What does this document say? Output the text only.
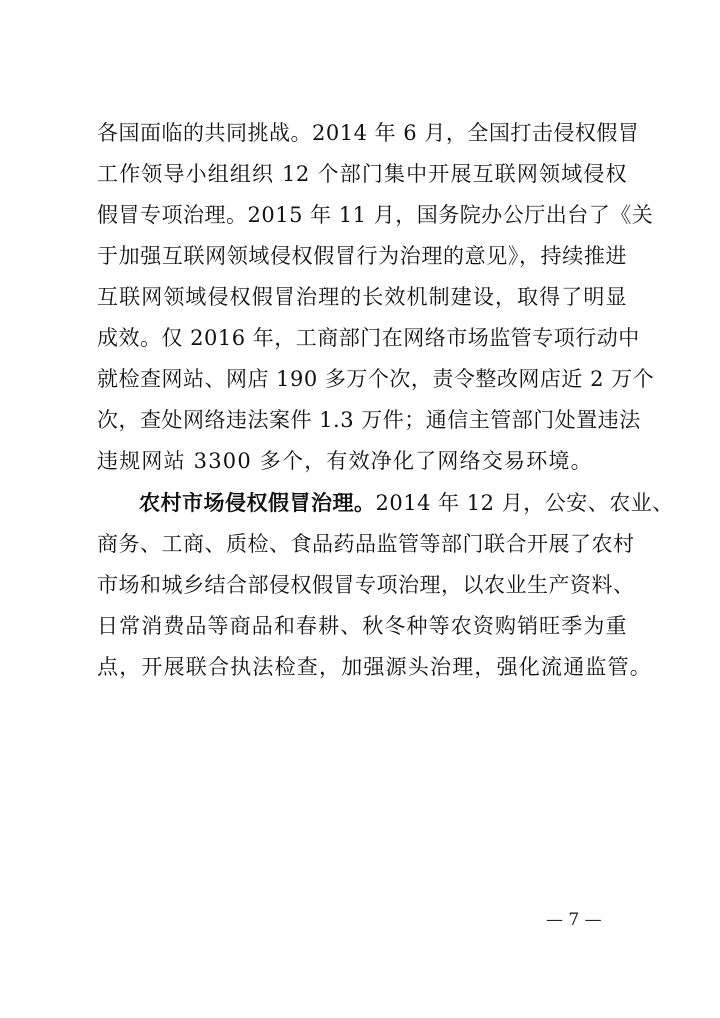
各国面临的共同挑战。2014 年 6 月，全国打击侵权假冒
工作领导小组组织 12 个部门集中开展互联网领域侵权
假冒专项治理。2015 年 11 月，国务院办公厅出台了《关
于加强互联网领域侵权假冒行为治理的意见》，持续推进
互联网领域侵权假冒治理的长效机制建设，取得了明显
成效。仅 2016 年，工商部门在网络市场监管专项行动中
就检查网站、网店 190 多万个次，责令整改网店近 2 万个
次，查处网络违法案件 1.3 万件；通信主管部门处置违法
违规网站 3300 多个，有效净化了网络交易环境。
农村市场侵权假冒治理。2014 年 12 月，公安、农业、
商务、工商、质检、食品药品监管等部门联合开展了农村
市场和城乡结合部侵权假冒专项治理，以农业生产资料、
日常消费品等商品和春耕、秋冬种等农资购销旺季为重
点，开展联合执法检查，加强源头治理，强化流通监管。
— 7 —
